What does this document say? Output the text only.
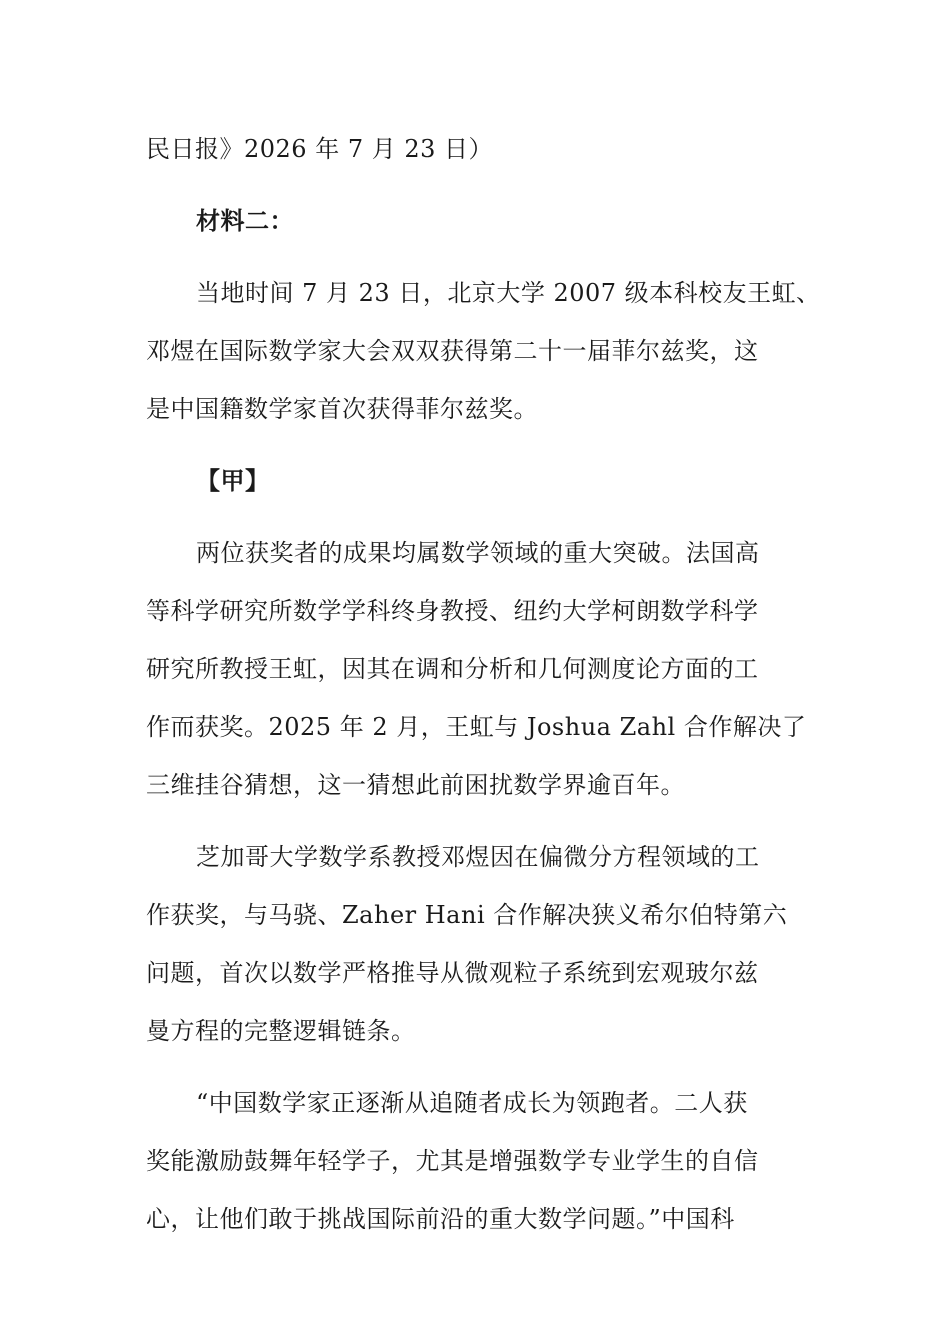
民日报》2026 年 7 月 23 日）
材料二：
当地时间 7 月 23 日，北京大学 2007 级本科校友王虹、
邓煜在国际数学家大会双双获得第二十一届菲尔兹奖，这
是中国籍数学家首次获得菲尔兹奖。
【甲】
两位获奖者的成果均属数学领域的重大突破。法国高
等科学研究所数学学科终身教授、纽约大学柯朗数学科学
研究所教授王虹，因其在调和分析和几何测度论方面的工
作而获奖。2025 年 2 月，王虹与 Joshua Zahl 合作解决了
三维挂谷猜想，这一猜想此前困扰数学界逾百年。
芝加哥大学数学系教授邓煜因在偏微分方程领域的工
作获奖，与马骁、Zaher Hani 合作解决狭义希尔伯特第六
问题，首次以数学严格推导从微观粒子系统到宏观玻尔兹
曼方程的完整逻辑链条。
“中国数学家正逐渐从追随者成长为领跑者。二人获
奖能激励鼓舞年轻学子，尤其是增强数学专业学生的自信
心，让他们敢于挑战国际前沿的重大数学问题。”中国科
